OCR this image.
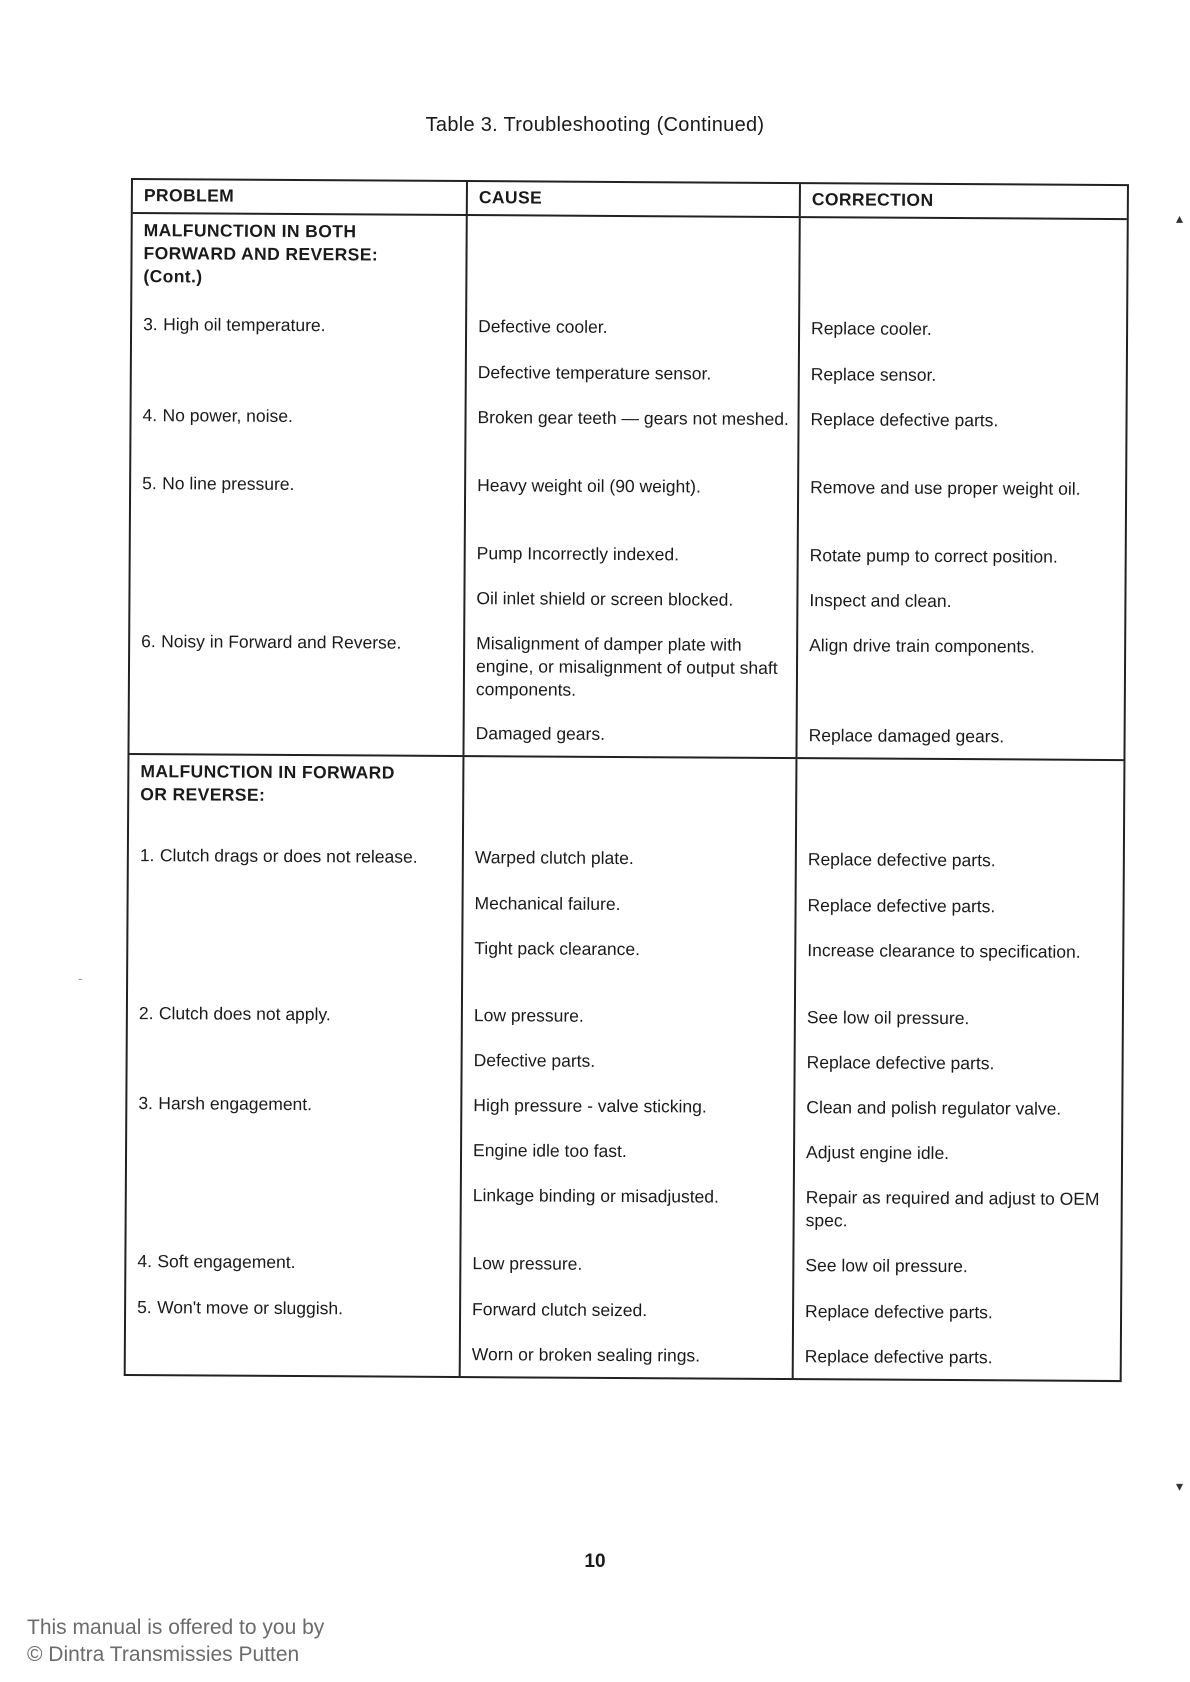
Table 3. Troubleshooting (Continued)
PROBLEM	CAUSE	CORRECTION
MALFUNCTION IN BOTH
FORWARD AND REVERSE:
(Cont.)
3. High oil temperature.
4. No power, noise.
5. No line pressure.
6. Noisy in Forward and Reverse.
Defective cooler.
Defective temperature sensor.
Broken gear teeth — gears not meshed.
Heavy weight oil (90 weight).
Pump Incorrectly indexed.
Oil inlet shield or screen blocked.
Misalignment of damper plate with engine, or misalignment of output shaft components.
Damaged gears.
Replace cooler.
Replace sensor.
Replace defective parts.
Remove and use proper weight oil.
Rotate pump to correct position.
Inspect and clean.
Align drive train components.
Replace damaged gears.
MALFUNCTION IN FORWARD
OR REVERSE:
1. Clutch drags or does not release.
2. Clutch does not apply.
3. Harsh engagement.
4. Soft engagement.
5. Won't move or sluggish.
Warped clutch plate.
Mechanical failure.
Tight pack clearance.
Low pressure.
Defective parts.
High pressure - valve sticking.
Engine idle too fast.
Linkage binding or misadjusted.
Low pressure.
Forward clutch seized.
Worn or broken sealing rings.
Replace defective parts.
Replace defective parts.
Increase clearance to specification.
See low oil pressure.
Replace defective parts.
Clean and polish regulator valve.
Adjust engine idle.
Repair as required and adjust to OEM spec.
See low oil pressure.
Replace defective parts.
Replace defective parts.
▴
▾
-
10
This manual is offered to you by
© Dintra Transmissies Putten
